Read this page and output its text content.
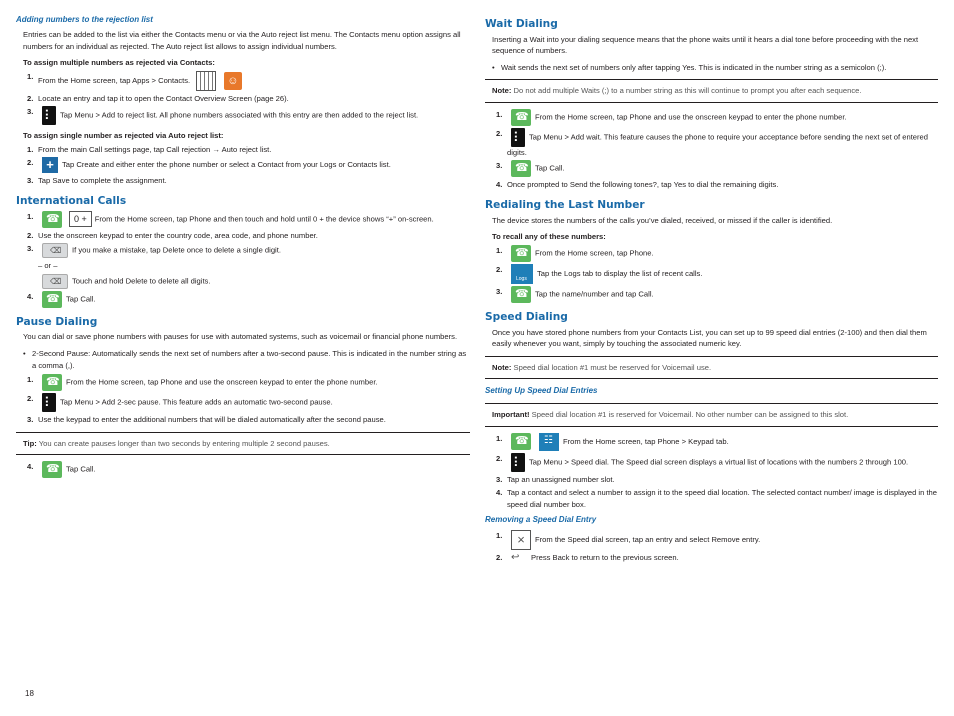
Adding numbers to the rejection list

Entries can be added to the list via either the Contacts menu or via the Auto reject list menu. The Contacts menu option assigns all numbers for an individual as rejected. The Auto reject list allows to assign individual numbers.

To assign multiple numbers as rejected via Contacts:

1. From the Home screen, tap Apps > Contacts. ☺
2. Locate an entry and tap it to open the Contact Overview Screen (page 26).
3. ⠇	Tap Menu > Add to reject list. All phone numbers associated with this entry are then added to the reject list.

To assign single number as rejected via Auto reject list:

1. From the main Call settings page, tap Call rejection → Auto reject list.
2. + Tap Create and either enter the phone number or select a Contact from your Logs or Contacts list.
3. Tap Save to complete the assignment.
International Calls
1. ☎	0 + From the Home screen, tap Phone and then touch and hold until 0 + the device shows “+” on-screen.
2. Use the onscreen keypad to enter the country code, area code, and phone number.
3. ⌫	If you make a mistake, tap Delete once to delete a single digit.
– or –
⌫Touch and hold Delete to delete all digits.
4. ☎	Tap Call.
Pause Dialing

You can dial or save phone numbers with pauses for use with automated systems, such as voicemail or financial phone numbers.

• 2-Second Pause: Automatically sends the next set of numbers after a two-second pause. This is indicated in the number string as a comma (,).
1. ☎	From the Home screen, tap Phone and use the onscreen keypad to enter the phone number.
2. ⠇	Tap Menu > Add 2-sec pause. This feature adds an automatic two-second pause.
3. Use the keypad to enter the additional numbers that will be dialed automatically after the second pause.
Tip: You can create pauses longer than two seconds by entering multiple 2 second pauses.
4. ☎	Tap Call.
Wait Dialing

Inserting a Wait into your dialing sequence means that the phone waits until it hears a dial tone before proceeding with the next sequence of numbers.

• Wait sends the next set of numbers only after tapping Yes. This is indicated in the number string as a semicolon (;).
Note: Do not add multiple Waits (;) to a number string as this will continue to prompt you after each sequence.
1. ☎	From the Home screen, tap Phone and use the onscreen keypad to enter the phone number.
2. ⠇	Tap Menu > Add wait. This feature causes the phone to require your acceptance before sending the next set of entered digits.
3. ☎	Tap Call.
4. Once prompted to Send the following tones?, tap Yes to dial the remaining digits.
Redialing the Last Number

The device stores the numbers of the calls you’ve dialed, received, or missed if the caller is identified.

To recall any of these numbers:

1. ☎	From the Home screen, tap Phone.
2. Logs	Tap the Logs tab to display the list of recent calls.
3. ☎	Tap the name/number and tap Call.
Speed Dialing

Once you have stored phone numbers from your Contacts List, you can set up to 99 speed dial entries (2-100) and then dial them easily whenever you want, simply by touching the associated numeric key.

Note: Speed dial location #1 must be reserved for Voicemail use.
Setting Up Speed Dial Entries
Important! Speed dial location #1 is reserved for Voicemail. No other number can be assigned to this slot.
1. ☎ ☷	From the Home screen, tap Phone > Keypad tab.
2. ⠇	Tap Menu > Speed dial. The Speed dial screen displays a virtual list of locations with the numbers 2 through 100.
3. Tap an unassigned number slot.
4. Tap a contact and select a number to assign it to the speed dial location. The selected contact number/ image is displayed in the speed dial number box.
Removing a Speed Dial Entry
1. × From the Speed dial screen, tap an entry and select Remove entry.
2. ↩ Press Back to return to the previous screen.
18
